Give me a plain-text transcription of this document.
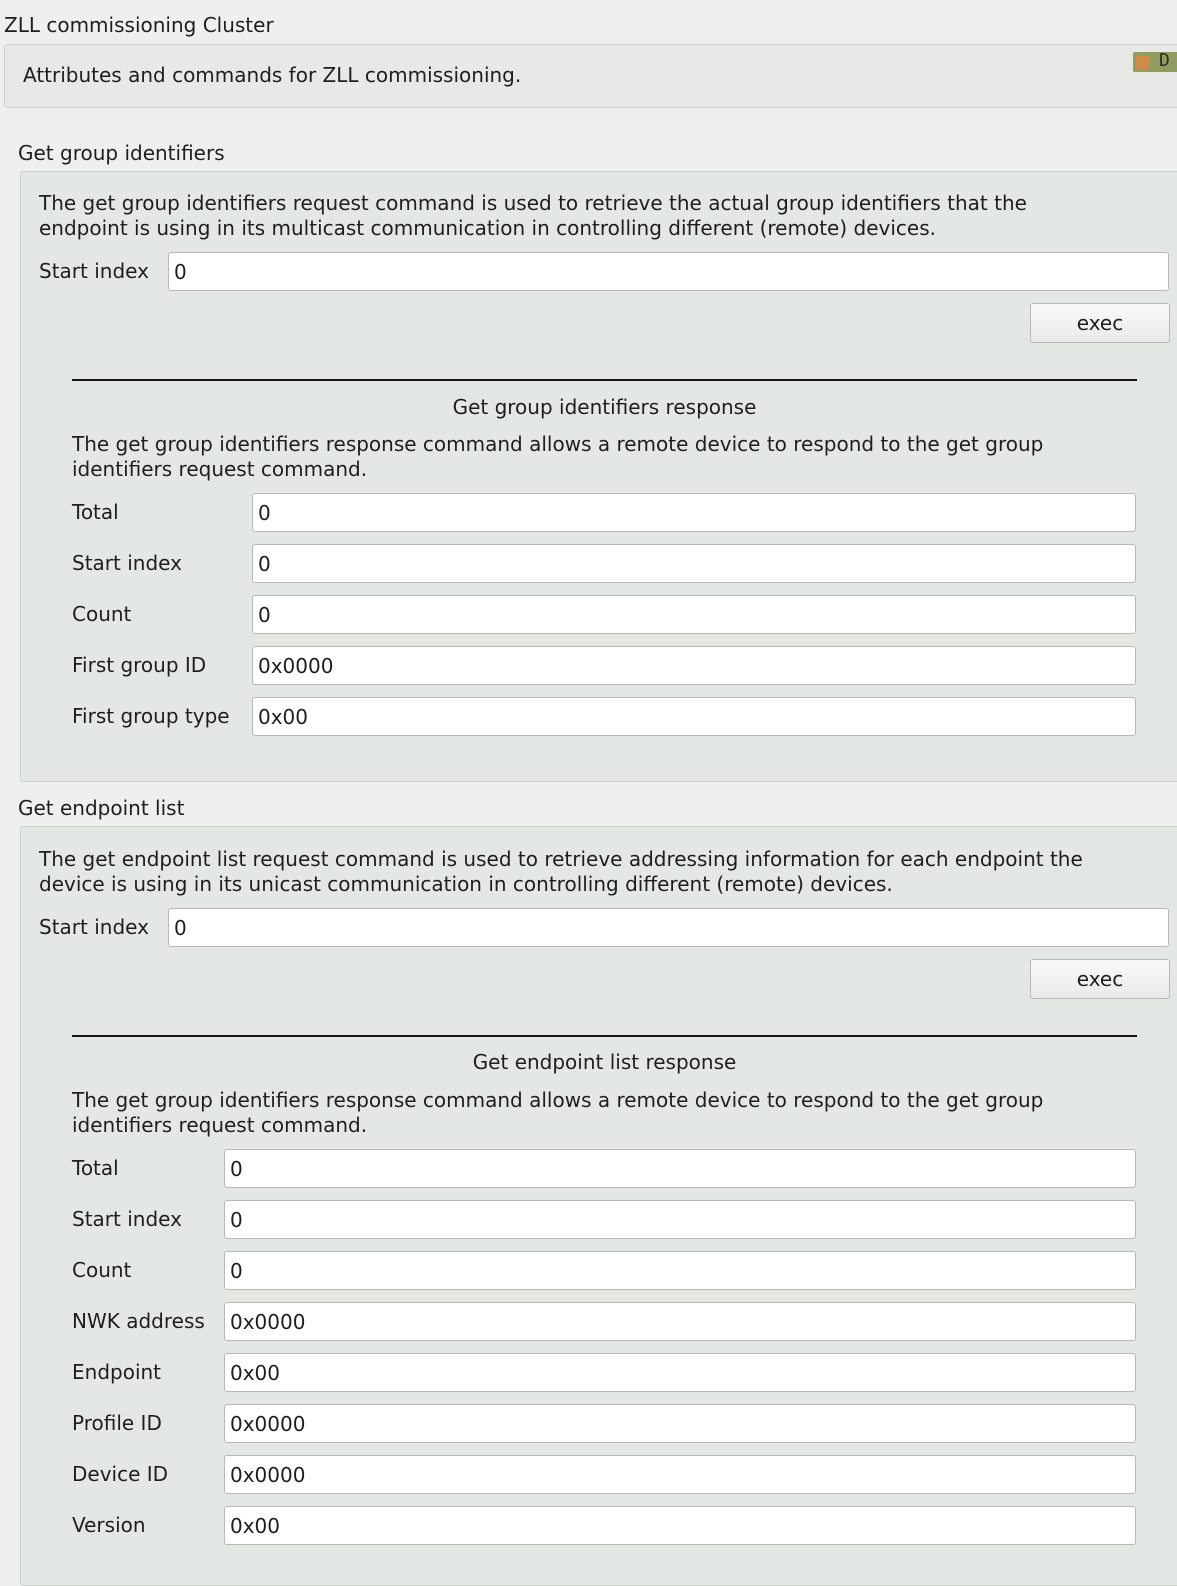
ZLL commissioning Cluster
Attributes and commands for ZLL commissioning.
D
Get group identifiers
The get group identifiers request command is used to retrieve the actual group identifiers that the
endpoint is using in its multicast communication in controlling different (remote) devices.
Start index
0
exec
Get group identifiers response
The get group identifiers response command allows a remote device to respond to the get group
identifiers request command.
Total
0
Start index
0
Count
0
First group ID
0x0000
First group type
0x00
Get endpoint list
The get endpoint list request command is used to retrieve addressing information for each endpoint the
device is using in its unicast communication in controlling different (remote) devices.
Start index
0
exec
Get endpoint list response
The get group identifiers response command allows a remote device to respond to the get group
identifiers request command.
Total
0
Start index
0
Count
0
NWK address
0x0000
Endpoint
0x00
Profile ID
0x0000
Device ID
0x0000
Version
0x00
